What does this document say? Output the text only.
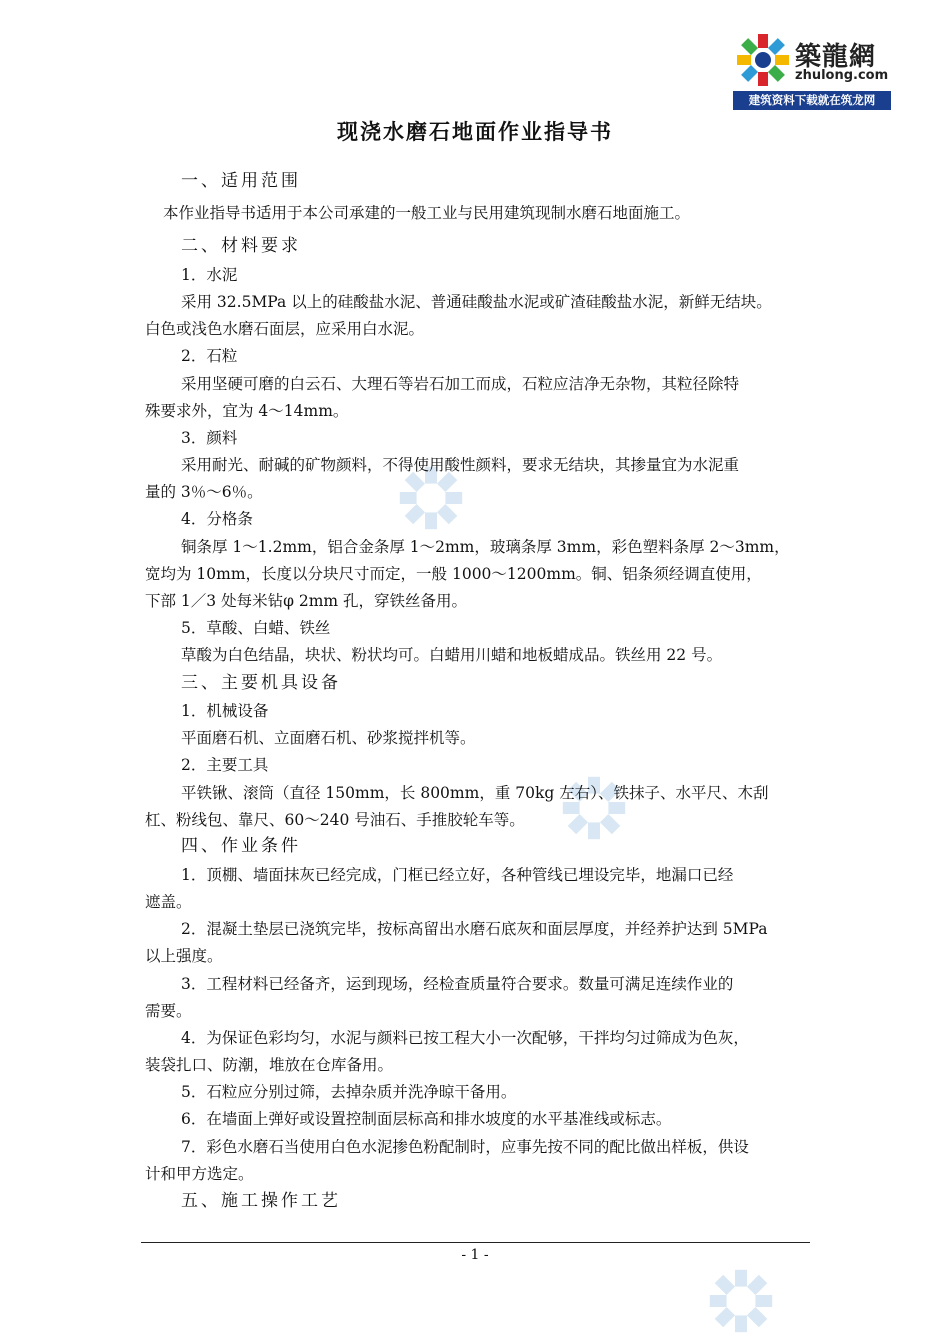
築龍網
zhulong.com
建筑资料下载就在筑龙网
现浇水磨石地面作业指导书
一、适用范围
本作业指导书适用于本公司承建的一般工业与民用建筑现制水磨石地面施工。
二、材料要求
1．水泥
采用 32.5MPa 以上的硅酸盐水泥、普通硅酸盐水泥或矿渣硅酸盐水泥，新鲜无结块。
白色或浅色水磨石面层，应采用白水泥。
2．石粒
采用坚硬可磨的白云石、大理石等岩石加工而成，石粒应洁净无杂物，其粒径除特
殊要求外，宜为 4～14mm。
3．颜料
采用耐光、耐碱的矿物颜料，不得使用酸性颜料，要求无结块，其掺量宜为水泥重
量的 3％～6％。
4．分格条
铜条厚 1～1.2mm，铝合金条厚 1～2mm，玻璃条厚 3mm，彩色塑料条厚 2～3mm，
宽均为 10mm，长度以分块尺寸而定，一般 1000～1200mm。铜、铝条须经调直使用，
下部 1／3 处每米钻φ 2mm 孔，穿铁丝备用。
5．草酸、白蜡、铁丝
草酸为白色结晶，块状、粉状均可。白蜡用川蜡和地板蜡成品。铁丝用 22 号。
三、主要机具设备
1．机械设备
平面磨石机、立面磨石机、砂浆搅拌机等。
2．主要工具
平铁锹、滚筒（直径 150mm，长 800mm，重 70kg 左右）、铁抹子、水平尺、木刮
杠、粉线包、靠尺、60～240 号油石、手推胶轮车等。
四、作业条件
1．顶棚、墙面抹灰已经完成，门框已经立好，各种管线已埋设完毕，地漏口已经
遮盖。
2．混凝土垫层已浇筑完毕，按标高留出水磨石底灰和面层厚度，并经养护达到 5MPa
以上强度。
3．工程材料已经备齐，运到现场，经检查质量符合要求。数量可满足连续作业的
需要。
4．为保证色彩均匀，水泥与颜料已按工程大小一次配够，干拌均匀过筛成为色灰，
装袋扎口、防潮，堆放在仓库备用。
5．石粒应分别过筛，去掉杂质并洗净晾干备用。
6．在墙面上弹好或设置控制面层标高和排水坡度的水平基准线或标志。
7．彩色水磨石当使用白色水泥掺色粉配制时，应事先按不同的配比做出样板，供设
计和甲方选定。
五、施工操作工艺
- 1 -
